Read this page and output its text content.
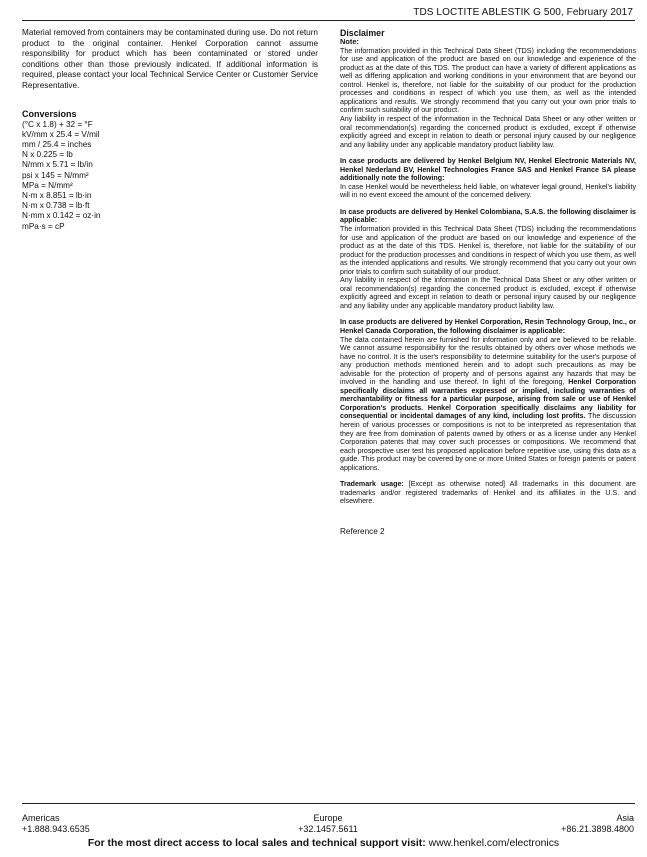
TDS LOCTITE ABLESTIK G 500, February 2017

Material removed from containers may be contaminated during use. Do not return product to the original container. Henkel Corporation cannot assume responsibility for product which has been contaminated or stored under conditions other than those previously indicated. If additional information is required, please contact your local Technical Service Center or Customer Service Representative.

Conversions
(°C x 1.8) + 32 = °F
kV/mm x 25.4 = V/mil
mm / 25.4 = inches
N x 0.225 = lb
N/mm x 5.71 = lb/in
psi x 145 = N/mm²
MPa = N/mm²
N·m x 8.851 = lb·in
N·m x 0.738 = lb·ft
N·mm x 0.142 = oz·in
mPa·s = cP
Disclaimer
Note:

The information provided in this Technical Data Sheet (TDS) including the recommendations for use and application of the product are based on our knowledge and experience of the product as at the date of this TDS. The product can have a variety of different applications as well as differing application and working conditions in your environment that are beyond our control. Henkel is, therefore, not liable for the suitability of our product for the production processes and conditions in respect of which you use them, as well as the intended applications and results. We strongly recommend that you carry out your own prior trials to confirm such suitability of our product.

Any liability in respect of the information in the Technical Data Sheet or any other written or oral recommendation(s) regarding the concerned product is excluded, except if otherwise explicitly agreed and except in relation to death or personal injury caused by our negligence and any liability under any applicable mandatory product liability law.

In case products are delivered by Henkel Belgium NV, Henkel Electronic Materials NV, Henkel Nederland BV, Henkel Technologies France SAS and Henkel France SA please additionally note the following:

In case Henkel would be nevertheless held liable, on whatever legal ground, Henkel's liability will in no event exceed the amount of the concerned delivery.

In case products are delivered by Henkel Colombiana, S.A.S. the following disclaimer is applicable:

The information provided in this Technical Data Sheet (TDS) including the recommendations for use and application of the product are based on our knowledge and experience of the product as at the date of this TDS. Henkel is, therefore, not liable for the suitability of our product for the production processes and conditions in respect of which you use them, as well as the intended applications and results. We strongly recommend that you carry out your own prior trials to confirm such suitability of our product.

Any liability in respect of the information in the Technical Data Sheet or any other written or oral recommendation(s) regarding the concerned product is excluded, except if otherwise explicitly agreed and except in relation to death or personal injury caused by our negligence and any liability under any applicable mandatory product liability law.

In case products are delivered by Henkel Corporation, Resin Technology Group, Inc., or Henkel Canada Corporation, the following disclaimer is applicable:

The data contained herein are furnished for information only and are believed to be reliable. We cannot assume responsibility for the results obtained by others over whose methods we have no control. It is the user's responsibility to determine suitability for the user's purpose of any production methods mentioned herein and to adopt such precautions as may be advisable for the protection of property and of persons against any hazards that may be involved in the handling and use thereof. In light of the foregoing, Henkel Corporation specifically disclaims all warranties expressed or implied, including warranties of merchantability or fitness for a particular purpose, arising from sale or use of Henkel Corporation's products. Henkel Corporation specifically disclaims any liability for consequential or incidental damages of any kind, including lost profits. The discussion herein of various processes or compositions is not to be interpreted as representation that they are free from domination of patents owned by others or as a license under any Henkel Corporation patents that may cover such processes or compositions. We recommend that each prospective user test his proposed application before repetitive use, using this data as a guide. This product may be covered by one or more United States or foreign patents or patent applications.

Trademark usage: [Except as otherwise noted] All trademarks in this document are trademarks and/or registered trademarks of Henkel and its affiliates in the U.S. and elsewhere.

Reference 2

Americas
+1.888.943.6535
Europe
+32.1457.5611
Asia
+86.21.3898.4800
For the most direct access to local sales and technical support visit: www.henkel.com/electronics
